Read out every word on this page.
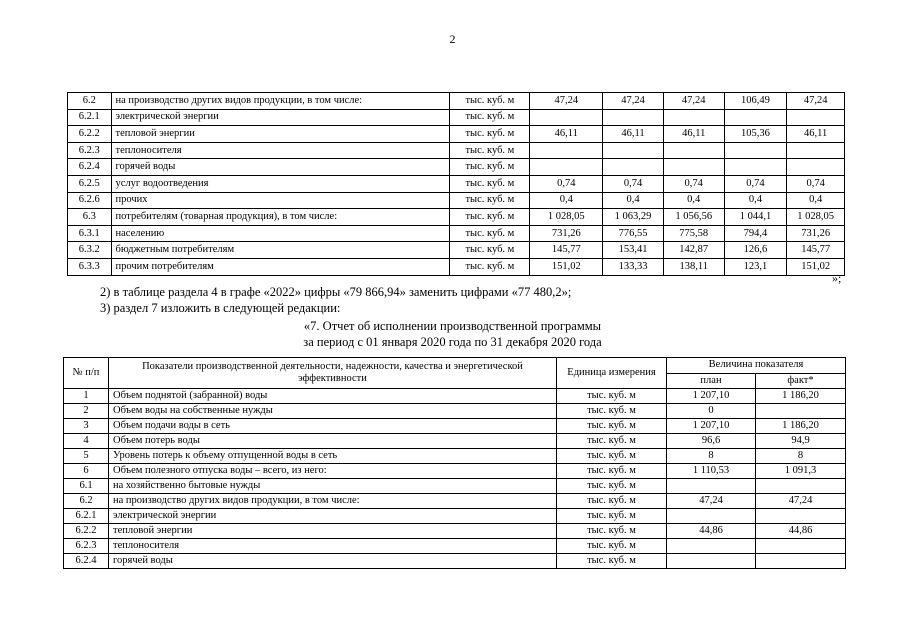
2
6.2	на производство других видов продукции, в том числе:	тыс. куб. м	47,24	47,24	47,24	106,49	47,24
6.2.1	электрической энергии	тыс. куб. м					
6.2.2	тепловой энергии	тыс. куб. м	46,11	46,11	46,11	105,36	46,11
6.2.3	теплоносителя	тыс. куб. м					
6.2.4	горячей воды	тыс. куб. м					
6.2.5	услуг водоотведения	тыс. куб. м	0,74	0,74	0,74	0,74	0,74
6.2.6	прочих	тыс. куб. м	0,4	0,4	0,4	0,4	0,4
6.3	потребителям (товарная продукция), в том числе:	тыс. куб. м	1 028,05	1 063,29	1 056,56	1 044,1	1 028,05
6.3.1	населению	тыс. куб. м	731,26	776,55	775,58	794,4	731,26
6.3.2	бюджетным потребителям	тыс. куб. м	145,77	153,41	142,87	126,6	145,77
6.3.3	прочим потребителям	тыс. куб. м	151,02	133,33	138,11	123,1	151,02
»;
2) в таблице раздела 4 в графе «2022» цифры «79 866,94» заменить цифрами «77 480,2»;
3) раздел 7 изложить в следующей редакции:
«7. Отчет об исполнении производственной программы
за период с 01 января 2020 года по 31 декабря 2020 года
№ п/п	Показатели производственной деятельности, надежности, качества и энергетической эффективности	Единица измерения	Величина показателя	
			план	факт*
1	Объем поднятой (забранной) воды	тыс. куб. м	1 207,10	1 186,20
2	Объем воды на собственные нужды	тыс. куб. м	0	
3	Объем подачи воды в сеть	тыс. куб. м	1 207,10	1 186,20
4	Объем потерь воды	тыс. куб. м	96,6	94,9
5	Уровень потерь к объему отпущенной воды в сеть	тыс. куб. м	8	8
6	Объем полезного отпуска воды – всего, из него:	тыс. куб. м	1 110,53	1 091,3
6.1	на хозяйственно бытовые нужды	тыс. куб. м		
6.2	на производство других видов продукции, в том числе:	тыс. куб. м	47,24	47,24
6.2.1	электрической энергии	тыс. куб. м		
6.2.2	тепловой энергии	тыс. куб. м	44,86	44,86
6.2.3	теплоносителя	тыс. куб. м		
6.2.4	горячей воды	тыс. куб. м		
